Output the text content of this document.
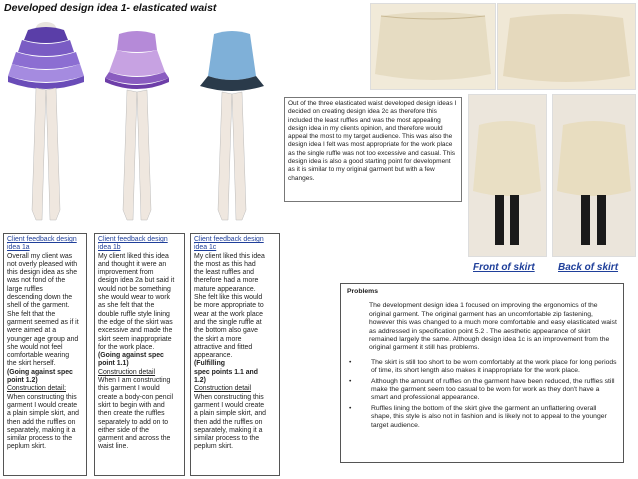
Developed design idea 1- elasticated waist
Front of skirt Back of skirt
Out of the three elasticated waist developed design ideas I decided on creating design idea 2c as therefore this included the least ruffles and was the most appealing design idea in my clients opinion, and therefore would appeal the most to my target audience. This was also the design idea I felt was most appropriate for the work place as the single ruffle was not too excessive and casual. This design idea is also a good starting point for development as it is similar to my original garment but with a few changes.
Client feedback design idea 1a
Overall my client was
not overly pleased with
this design idea as she
was not fond of the
large ruffles
descending down the
shell of the garment.
She felt that the
garment seemed as if it
were aimed at a
younger age group and
she would not feel
comfortable wearing
the skirt herself.
(Going against spec
point 1.2)
Construction detail:
When constructing this
garment I would create
a plain simple skirt, and
then add the ruffles on
separately, making it a
similar process to the
peplum skirt.
Client feedback design idea 1b
My client liked this idea
and thought it were an
improvement from
design idea 2a but said it
would not be something
she would wear to work
as she felt that the
double ruffle style lining
the edge of the skirt was
excessive and made the
skirt seem inappropriate
for the work place.
(Going against spec
point 1.1)
Construction detail
When I am constructing
this garment I would
create a body-con pencil
skirt to begin with and
then create the ruffles
separately to add on to
either side of the
garment and across the
waist line.
Client feedback design idea 1c
My client liked this idea
the most as this had
the least ruffles and
therefore had a more
mature appearance.
She felt like this would
be more appropriate to
wear at the work place
and the single ruffle at
the bottom also gave
the skirt a more
attractive and fitted
appearance.
(Fulfilling
spec points 1.1 and
1.2)
Construction detail
When constructing this
garment I would create
a plain simple skirt, and
then add the ruffles on
separately, making it a
similar process to the
peplum skirt.
Problems
The development design idea 1 focused on improving the ergonomics of the original garment. The original garment has an uncomfortable zip fastening, however this was changed to a much more comfortable and easy elasticated waist as addressed in specification point 5.2 . The aesthetic appearance of skirt remained largely the same. Although design idea 1c is an improvement from the original garment it still has problems.
•	The skirt is still too short to be worn comfortably at the work place for long periods of time, its short length also makes it inappropriate for the work place.
•	Although the amount of ruffles on the garment have been reduced, the ruffles still make the garment seem too casual to be worn for work as they don't have a smart and professional appearance.
•	Ruffles lining the bottom of the skirt give the garment an unflattering overall shape, this style is also not in fashion and is likely not to appeal to the younger target audience.
